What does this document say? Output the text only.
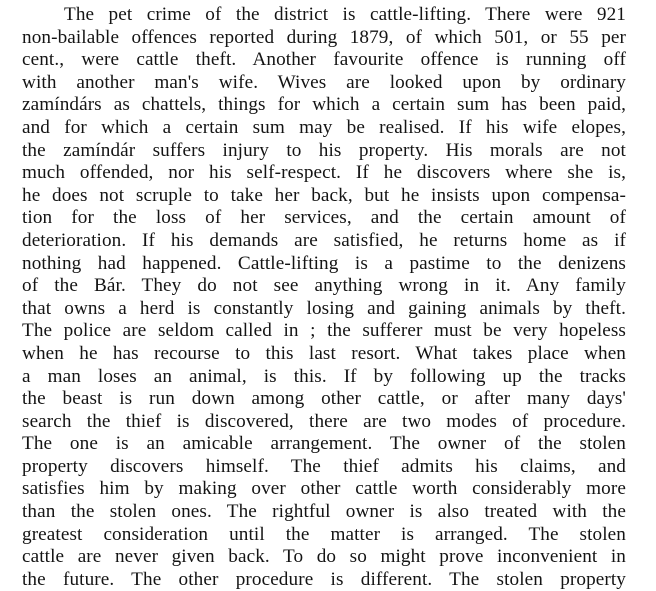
The pet crime of the district is cattle-lifting. There were 921
non-bailable offences reported during 1879, of which 501, or 55 per
cent., were cattle theft. Another favourite offence is running off
with another man's wife. Wives are looked upon by ordinary
zamíndárs as chattels, things for which a certain sum has been paid,
and for which a certain sum may be realised. If his wife elopes,
the zamíndár suffers injury to his property. His morals are not
much offended, nor his self-respect. If he discovers where she is,
he does not scruple to take her back, but he insists upon compensa-
tion for the loss of her services, and the certain amount of
deterioration. If his demands are satisfied, he returns home as if
nothing had happened. Cattle-lifting is a pastime to the denizens
of the Bár. They do not see anything wrong in it. Any family
that owns a herd is constantly losing and gaining animals by theft.
The police are seldom called in ; the sufferer must be very hopeless
when he has recourse to this last resort. What takes place when
a man loses an animal, is this. If by following up the tracks
the beast is run down among other cattle, or after many days'
search the thief is discovered, there are two modes of procedure.
The one is an amicable arrangement. The owner of the stolen
property discovers himself. The thief admits his claims, and
satisfies him by making over other cattle worth considerably more
than the stolen ones. The rightful owner is also treated with the
greatest consideration until the matter is arranged. The stolen
cattle are never given back. To do so might prove inconvenient in
the future. The other procedure is different. The stolen property
